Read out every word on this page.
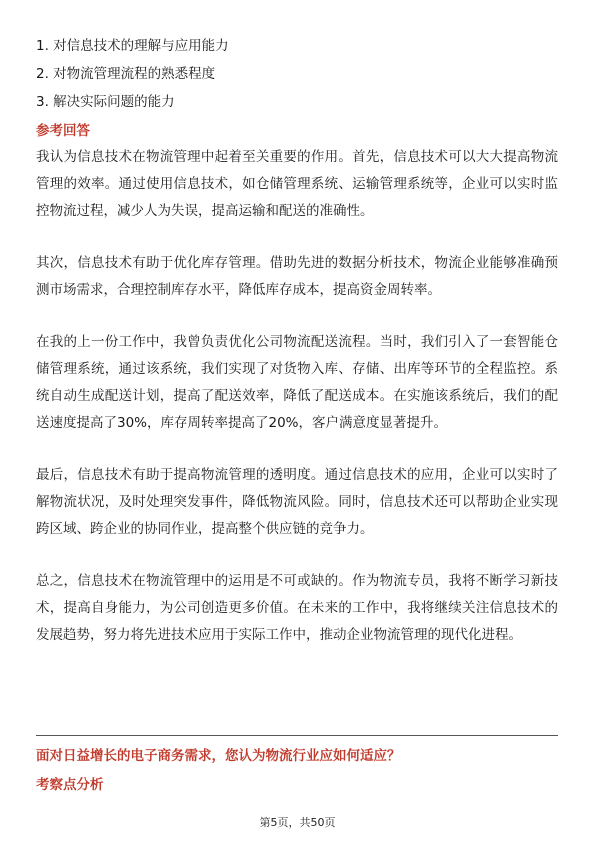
1. 对信息技术的理解与应用能力
2. 对物流管理流程的熟悉程度
3. 解决实际问题的能力
参考回答

我认为信息技术在物流管理中起着至关重要的作用。首先，信息技术可以大大提高物流管理的效率。通过使用信息技术，如仓储管理系统、运输管理系统等，企业可以实时监控物流过程，减少人为失误，提高运输和配送的准确性。

其次，信息技术有助于优化库存管理。借助先进的数据分析技术，物流企业能够准确预测市场需求，合理控制库存水平，降低库存成本，提高资金周转率。

在我的上一份工作中，我曾负责优化公司物流配送流程。当时，我们引入了一套智能仓储管理系统，通过该系统，我们实现了对货物入库、存储、出库等环节的全程监控。系统自动生成配送计划，提高了配送效率，降低了配送成本。在实施该系统后，我们的配送速度提高了30%，库存周转率提高了20%，客户满意度显著提升。

最后，信息技术有助于提高物流管理的透明度。通过信息技术的应用，企业可以实时了解物流状况，及时处理突发事件，降低物流风险。同时，信息技术还可以帮助企业实现跨区域、跨企业的协同作业，提高整个供应链的竞争力。

总之，信息技术在物流管理中的运用是不可或缺的。作为物流专员，我将不断学习新技术，提高自身能力，为公司创造更多价值。在未来的工作中，我将继续关注信息技术的发展趋势，努力将先进技术应用于实际工作中，推动企业物流管理的现代化进程。

面对日益增长的电子商务需求，您认为物流行业应如何适应？
考察点分析
第5页，共50页
